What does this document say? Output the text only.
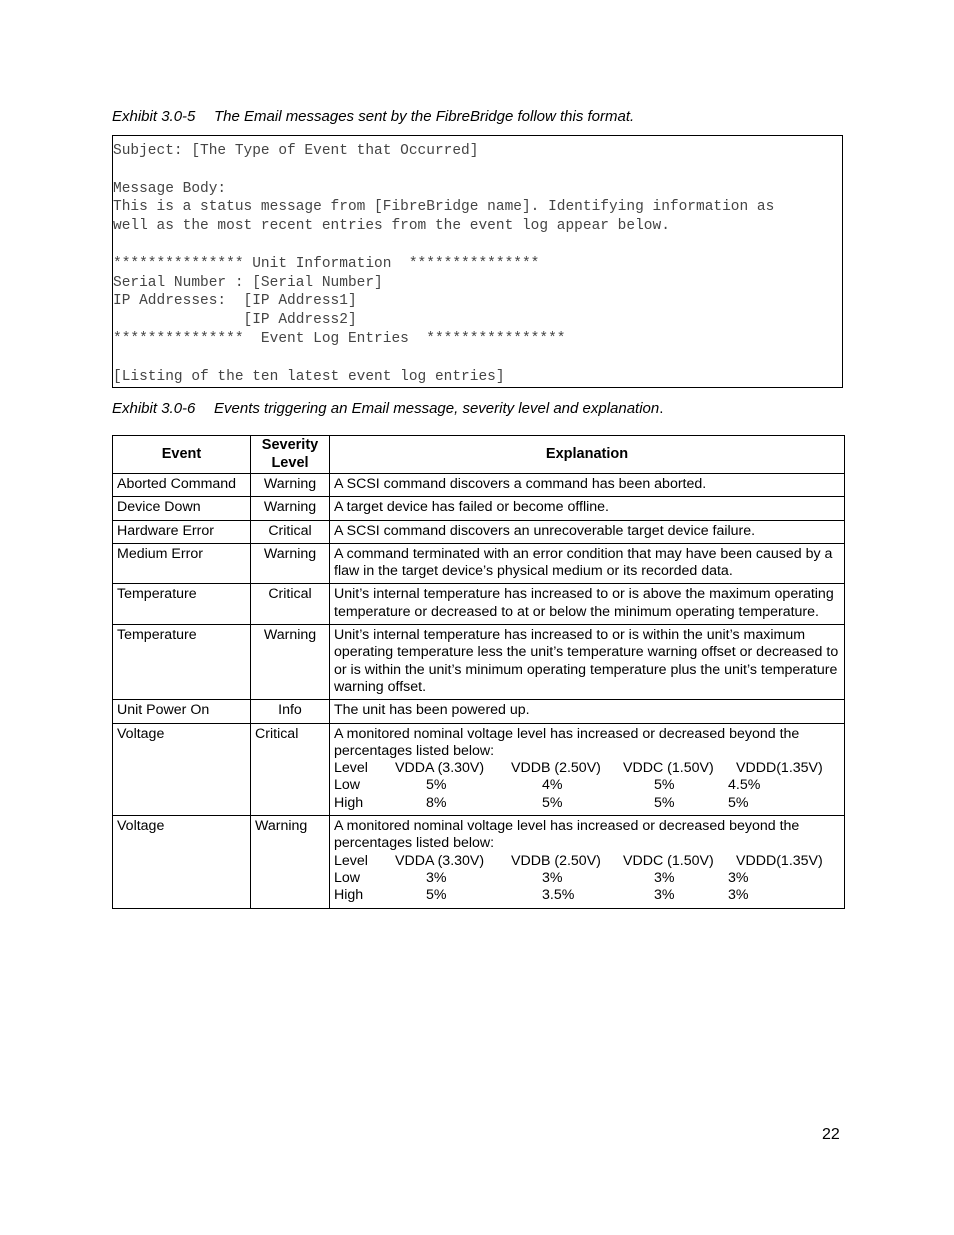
Exhibit 3.0-5 The Email messages sent by the FibreBridge follow this format.
Subject: [The Type of Event that Occurred]

Message Body:
This is a status message from [FibreBridge name]. Identifying information as
well as the most recent entries from the event log appear below.

*************** Unit Information  ***************
Serial Number : [Serial Number]
IP Addresses:  [IP Address1]
[IP Address2]
***************  Event Log Entries  ****************

[Listing of the ten latest event log entries]

Exhibit 3.0-6 Events triggering an Email message, severity level and explanation.
Event	Severity Level	Explanation
Aborted Command	Warning	A SCSI command discovers a command has been aborted.

Device Down	Warning	A target device has failed or become offline.

Hardware Error	Critical	A SCSI command discovers an unrecoverable target device failure.

Medium Error	Warning	A command terminated with an error condition that may have been caused by a flaw in the target device’s physical medium or its recorded data.

Temperature	Critical	Unit’s internal temperature has increased to or is above the maximum operating temperature or decreased to at or below the minimum operating temperature.

Temperature	Warning	Unit’s internal temperature has increased to or is within the unit’s maximum operating temperature less the unit’s temperature warning offset or decreased to or is within the unit’s minimum operating temperature plus the unit’s temperature warning offset.

Unit Power On	Info	The unit has been powered up.

Voltage	Critical	A monitored nominal voltage level has increased or decreased beyond the percentages listed below:
Level	VDDA (3.30V)	VDDB (2.50V)	VDDC (1.50V)	VDDD(1.35V)
Low	5%	4%	5%	4.5%
High	8%	5%	5%	5%

Voltage	Warning	A monitored nominal voltage level has increased or decreased beyond the percentages listed below:
Level	VDDA (3.30V)	VDDB (2.50V)	VDDC (1.50V)	VDDD(1.35V)
Low	3%	3%	3%	3%
High	5%	3.5%	3%	3%
22
